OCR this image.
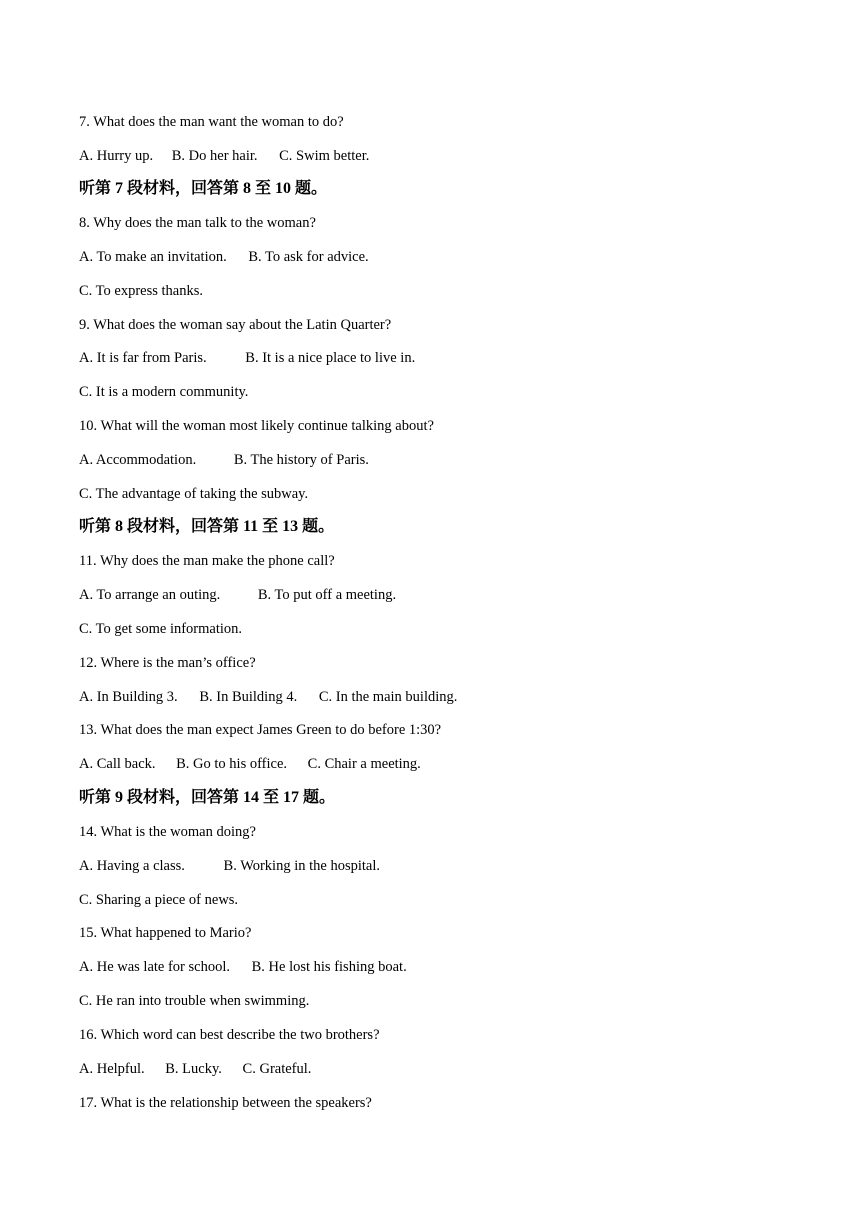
7. What does the man want the woman to do?
A. Hurry up. B. Do her hair. C. Swim better.
听第 7 段材料，回答第 8 至 10 题。
8. Why does the man talk to the woman?
A. To make an invitation. B. To ask for advice.
C. To express thanks.
9. What does the woman say about the Latin Quarter?
A. It is far from Paris.	B. It is a nice place to live in.
C. It is a modern community.
10. What will the woman most likely continue talking about?
A. Accommodation.	B. The history of Paris.
C. The advantage of taking the subway.
听第 8 段材料，回答第 11 至 13 题。
11. Why does the man make the phone call?
A. To arrange an outing.	B. To put off a meeting.
C. To get some information.
12. Where is the man’s office?
A. In Building 3. B. In Building 4. C. In the main building.
13. What does the man expect James Green to do before 1:30?
A. Call back. B. Go to his office. C. Chair a meeting.
听第 9 段材料，回答第 14 至 17 题。
14. What is the woman doing?
A. Having a class.	B. Working in the hospital.
C. Sharing a piece of news.
15. What happened to Mario?
A. He was late for school. B. He lost his fishing boat.
C. He ran into trouble when swimming.
16. Which word can best describe the two brothers?
A. Helpful. B. Lucky. C. Grateful.
17. What is the relationship between the speakers?
